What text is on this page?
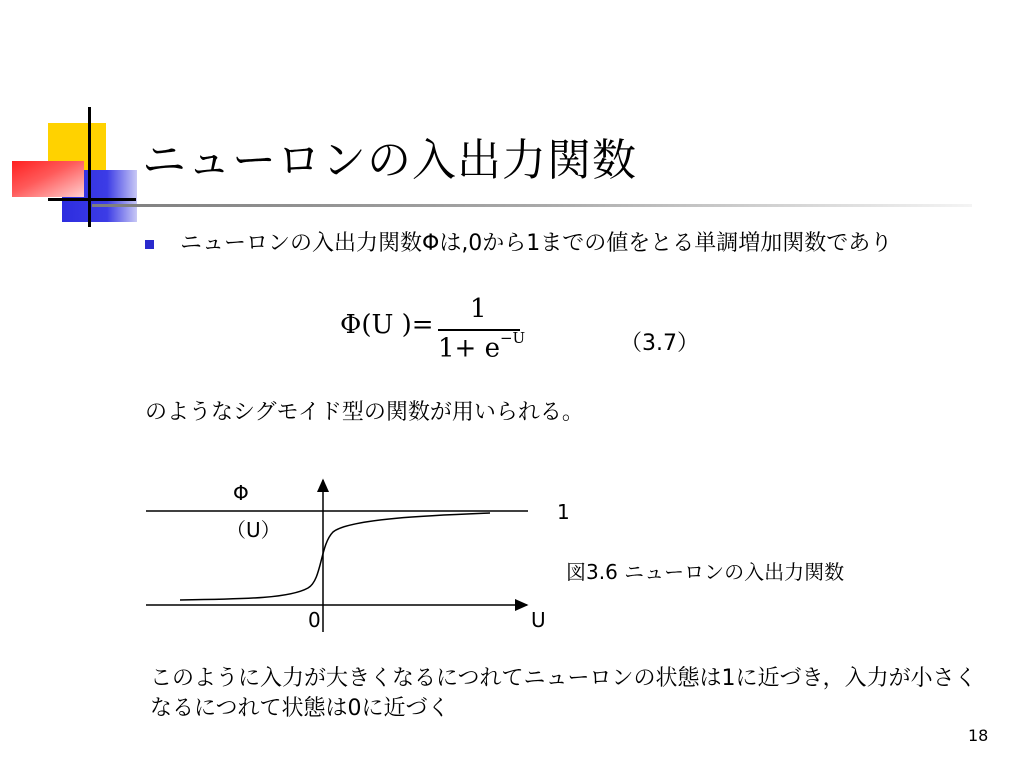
ニューロンの入出力関数
ニューロンの入出力関数Φは,0から1までの値をとる単調増加関数であり
Φ(U )=
1
$1+ e^{-U}$	（3.7）
のようなシグモイド型の関数が用いられる。
Φ
（U）
1
0	U
図3.6 ニューロンの入出力関数
このように入力が大きくなるにつれてニューロンの状態は1に近づき，入力が小さくなるにつれて状態は0に近づく
18
